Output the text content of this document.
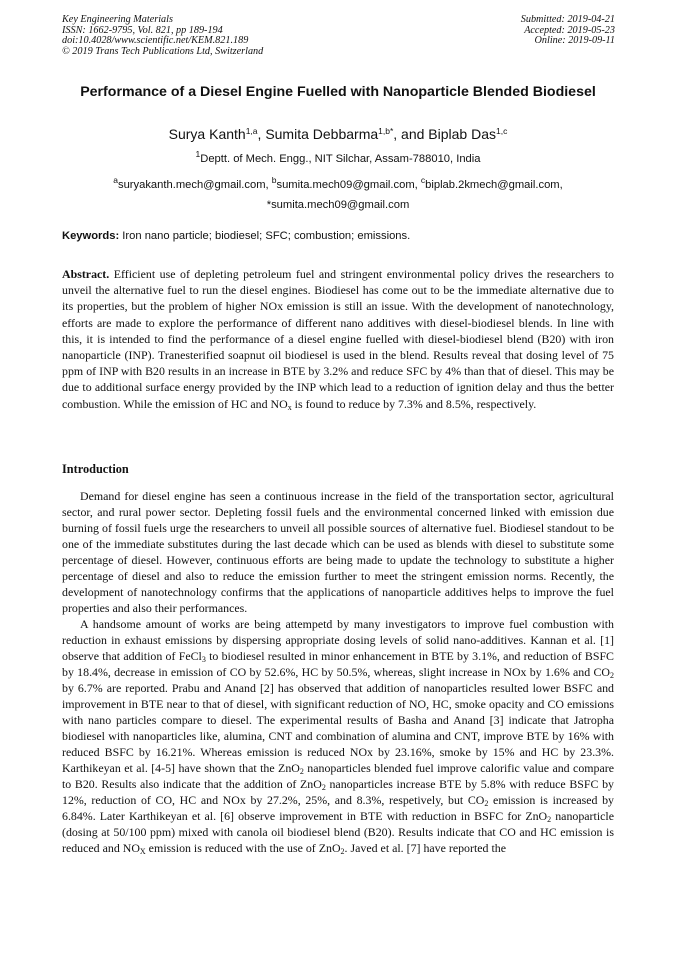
Key Engineering Materials
ISSN: 1662-9795, Vol. 821, pp 189-194
doi:10.4028/www.scientific.net/KEM.821.189
© 2019 Trans Tech Publications Ltd, Switzerland
Submitted: 2019-04-21
Accepted: 2019-05-23
Online: 2019-09-11
Performance of a Diesel Engine Fuelled with Nanoparticle Blended Biodiesel
Surya Kanth$^{1,a}$, Sumita Debbarma$^{1,b*}$, and Biplab Das$^{1,c}$
$^1$Deptt. of Mech. Engg., NIT Silchar, Assam-788010, India
$^a$suryakanth.mech@gmail.com, $^b$sumita.mech09@gmail.com, $^c$biplab.2kmech@gmail.com,
*sumita.mech09@gmail.com
Keywords: Iron nano particle; biodiesel; SFC; combustion; emissions.

Abstract. Efficient use of depleting petroleum fuel and stringent environmental policy drives the researchers to unveil the alternative fuel to run the diesel engines. Biodiesel has come out to be the immediate alternative due to its properties, but the problem of higher NOx emission is still an issue. With the development of nanotechnology, efforts are made to explore the performance of different nano additives with diesel-biodiesel blends. In line with this, it is intended to find the performance of a diesel engine fuelled with diesel-biodiesel blend (B20) with iron nanoparticle (INP). Tranesterified soapnut oil biodiesel is used in the blend. Results reveal that dosing level of 75 ppm of INP with B20 results in an increase in BTE by 3.2% and reduce SFC by 4% than that of diesel. This may be due to additional surface energy provided by the INP which lead to a reduction of ignition delay and thus the better combustion. While the emission of HC and $NO_x$ is found to reduce by 7.3% and 8.5%, respectively.

Introduction

Demand for diesel engine has seen a continuous increase in the field of the transportation sector, agricultural sector, and rural power sector. Depleting fossil fuels and the environmental concerned linked with emission due burning of fossil fuels urge the researchers to unveil all possible sources of alternative fuel. Biodiesel standout to be one of the immediate substitutes during the last decade which can be used as blends with diesel to substitute some percentage of diesel. However, continuous efforts are being made to update the technology to substitute a higher percentage of diesel and also to reduce the emission further to meet the stringent emission norms. Recently, the development of nanotechnology confirms that the applications of nanoparticle additives helps to improve the fuel properties and also their performances.

A handsome amount of works are being attempetd by many investigators to improve fuel combustion with reduction in exhaust emissions by dispersing appropriate dosing levels of solid nano-additives. Kannan et al. [1] observe that addition of FeCl$_3$ to biodiesel resulted in minor enhancement in BTE by 3.1%, and reduction of BSFC by 18.4%, decrease in emission of CO by 52.6%, HC by 50.5%, whereas, slight increase in NOx by 1.6% and $CO_2$ by 6.7% are reported. Prabu and Anand [2] has observed that addition of nanoparticles resulted lower BSFC and improvement in BTE near to that of diesel, with significant reduction of NO, HC, smoke opacity and CO emissions with nano particles compare to diesel. The experimental results of Basha and Anand [3] indicate that Jatropha biodiesel with nanoparticles like, alumina, CNT and combination of alumina and CNT, improve BTE by 16% with reduced BSFC by 16.21%. Whereas emission is reduced NOx by 23.16%, smoke by 15% and HC by 23.3%. Karthikeyan et al. [4-5] have shown that the ZnO$_2$ nanoparticles blended fuel improve calorific value and compare to B20. Results also indicate that the addition of ZnO$_2$ nanoparticles increase BTE by 5.8% with reduce BSFC by 12%, reduction of CO, HC and NOx by 27.2%, 25%, and 8.3%, respetively, but $CO_2$ emission is increased by 6.84%. Later Karthikeyan et al. [6] observe improvement in BTE with reduction in BSFC for ZnO$_2$ nanoparticle (dosing at 50/100 ppm) mixed with canola oil biodiesel blend (B20). Results indicate that CO and HC emission is reduced and $NO_X$ emission is reduced with the use of ZnO$_2$. Javed et al. [7] have reported the
